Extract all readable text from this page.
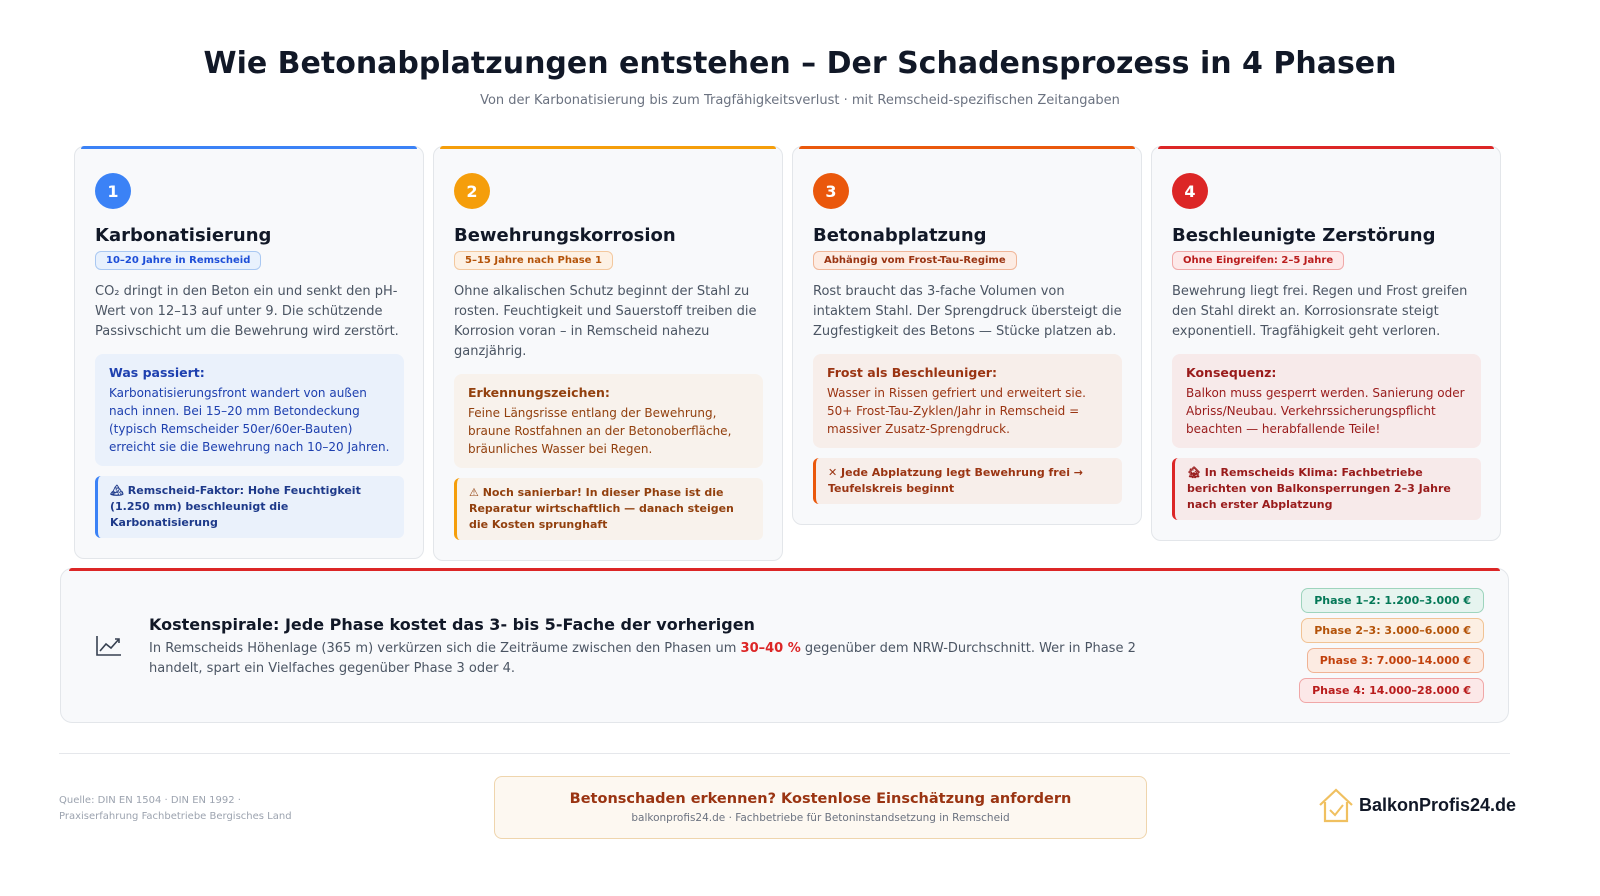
Wie Betonabplatzungen entstehen – Der Schadensprozess in 4 Phasen
Von der Karbonatisierung bis zum Tragfähigkeitsverlust · mit Remscheid-spezifischen Zeitangaben
1
Karbonatisierung
10–20 Jahre in Remscheid

CO₂ dringt in den Beton ein und senkt den pH-Wert von 12–13 auf unter 9. Die schützende Passivschicht um die Bewehrung wird zerstört.

Was passiert:
Karbonatisierungsfront wandert von außen nach innen. Bei 15–20 mm Betondeckung (typisch Remscheider 50er/60er-Bauten) erreicht sie die Bewehrung nach 10–20 Jahren.
🏔 Remscheid-Faktor: Hohe Feuchtigkeit (1.250 mm) beschleunigt die Karbonatisierung
2
Bewehrungskorrosion
5–15 Jahre nach Phase 1

Ohne alkalischen Schutz beginnt der Stahl zu rosten. Feuchtigkeit und Sauerstoff treiben die Korrosion voran – in Remscheid nahezu ganzjährig.

Erkennungszeichen:
Feine Längsrisse entlang der Bewehrung, braune Rostfahnen an der Betonoberfläche, bräunliches Wasser bei Regen.
⚠ Noch sanierbar! In dieser Phase ist die Reparatur wirtschaftlich — danach steigen die Kosten sprunghaft
3
Betonabplatzung
Abhängig vom Frost-Tau-Regime

Rost braucht das 3-fache Volumen von intaktem Stahl. Der Sprengdruck übersteigt die Zugfestigkeit des Betons — Stücke platzen ab.

Frost als Beschleuniger:
Wasser in Rissen gefriert und erweitert sie. 50+ Frost-Tau-Zyklen/Jahr in Remscheid = massiver Zusatz-Sprengdruck.
✕ Jede Abplatzung legt Bewehrung frei → Teufelskreis beginnt
4
Beschleunigte Zerstörung
Ohne Eingreifen: 2–5 Jahre

Bewehrung liegt frei. Regen und Frost greifen den Stahl direkt an. Korrosionsrate steigt exponentiell. Tragfähigkeit geht verloren.

Konsequenz:
Balkon muss gesperrt werden. Sanierung oder Abriss/Neubau. Verkehrssicherungspflicht beachten — herabfallende Teile!
🏚 In Remscheids Klima: Fachbetriebe berichten von Balkonsperrungen 2–3 Jahre nach erster Abplatzung
Kostenspirale: Jede Phase kostet das 3- bis 5-Fache der vorherigen
In Remscheids Höhenlage (365 m) verkürzen sich die Zeiträume zwischen den Phasen um 30–40 % gegenüber dem NRW-Durchschnitt. Wer in Phase 2 handelt, spart ein Vielfaches gegenüber Phase 3 oder 4.
Phase 1–2: 1.200–3.000 €
Phase 2–3: 3.000–6.000 €
Phase 3: 7.000–14.000 €
Phase 4: 14.000–28.000 €
Quelle: DIN EN 1504 · DIN EN 1992 ·
Praxiserfahrung Fachbetriebe Bergisches Land
Betonschaden erkennen? Kostenlose Einschätzung anfordern
balkonprofis24.de · Fachbetriebe für Betoninstandsetzung in Remscheid
BalkonProfis24.de
